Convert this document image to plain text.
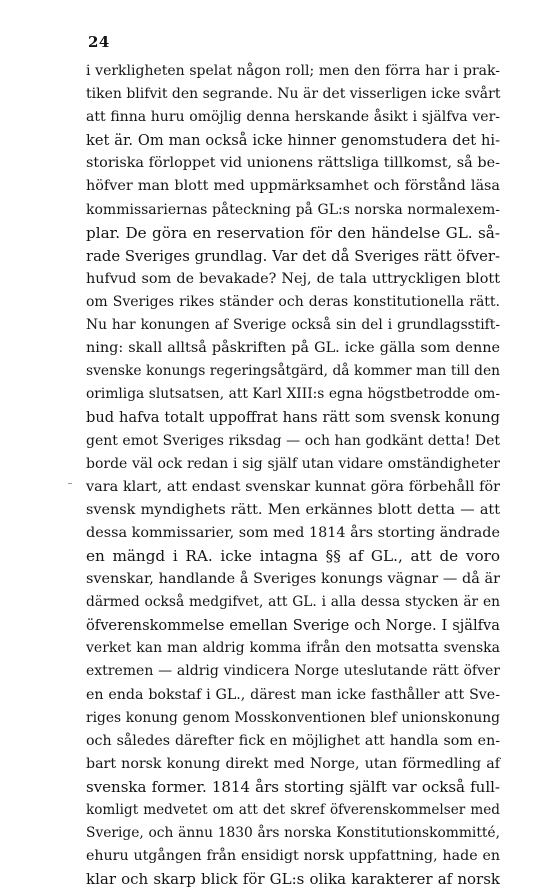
24
i verkligheten spelat någon roll; men den förra har i prak-
tiken blifvit den segrande. Nu är det visserligen icke svårt
att finna huru omöjlig denna herskande åsikt i själfva ver-
ket är. Om man också icke hinner genomstudera det hi-
storiska förloppet vid unionens rättsliga tillkomst, så be-
höfver man blott med uppmärksamhet och förstånd läsa
kommissariernas påteckning på GL:s norska normalexem-
plar. De göra en reservation för den händelse GL. så-
rade Sveriges grundlag. Var det då Sveriges rätt öfver-
hufvud som de bevakade? Nej, de tala uttryckligen blott
om Sveriges rikes ständer och deras konstitutionella rätt.
Nu har konungen af Sverige också sin del i grundlagsstift-
ning: skall alltså påskriften på GL. icke gälla som denne
svenske konungs regeringsåtgärd, då kommer man till den
orimliga slutsatsen, att Karl XIII:s egna högstbetrodde om-
bud hafva totalt uppoffrat hans rätt som svensk konung
gent emot Sveriges riksdag — och han godkänt detta! Det
borde väl ock redan i sig själf utan vidare omständigheter
vara klart, att endast svenskar kunnat göra förbehåll för
svensk myndighets rätt. Men erkännes blott detta — att
dessa kommissarier, som med 1814 års storting ändrade
en mängd i RA. icke intagna §§ af GL., att de voro
svenskar, handlande å Sveriges konungs vägnar — då är
därmed också medgifvet, att GL. i alla dessa stycken är en
öfverenskommelse emellan Sverige och Norge. I själfva
verket kan man aldrig komma ifrån den motsatta svenska
extremen — aldrig vindicera Norge uteslutande rätt öfver
en enda bokstaf i GL., därest man icke fasthåller att Sve-
riges konung genom Mosskonventionen blef unionskonung
och således därefter fick en möjlighet att handla som en-
bart norsk konung direkt med Norge, utan förmedling af
svenska former. 1814 års storting själft var också full-
komligt medvetet om att det skref öfverenskommelser med
Sverige, och ännu 1830 års norska Konstitutionskommitté,
ehuru utgången från ensidigt norsk uppfattning, hade en
klar och skarp blick för GL:s olika karakterer af norsk
